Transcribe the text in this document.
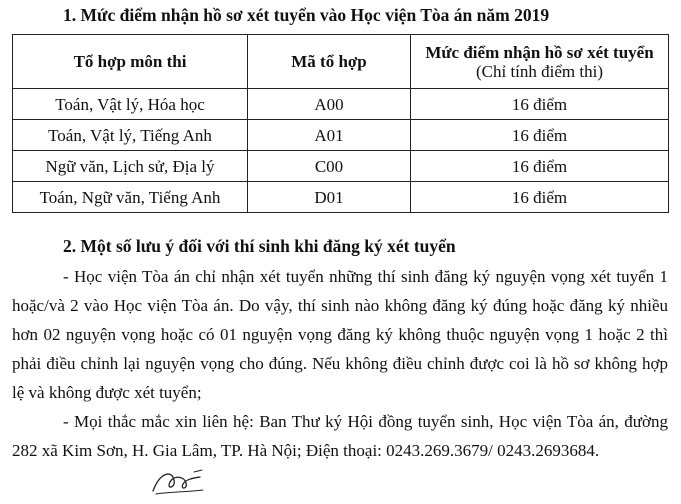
1. Mức điểm nhận hồ sơ xét tuyển vào Học viện Tòa án năm 2019
Tổ hợp môn thi	Mã tổ hợp	Mức điểm nhận hồ sơ xét tuyển
(Chỉ tính điểm thi)

Toán, Vật lý, Hóa học	A00	16 điểm
Toán, Vật lý, Tiếng Anh	A01	16 điểm
Ngữ văn, Lịch sử, Địa lý	C00	16 điểm
Toán, Ngữ văn, Tiếng Anh	D01	16 điểm
2. Một số lưu ý đối với thí sinh khi đăng ký xét tuyển

- Học viện Tòa án chỉ nhận xét tuyển những thí sinh đăng ký nguyện vọng xét tuyển 1 hoặc/và 2 vào Học viện Tòa án. Do vậy, thí sinh nào không đăng ký đúng hoặc đăng ký nhiều hơn 02 nguyện vọng hoặc có 01 nguyện vọng đăng ký không thuộc nguyện vọng 1 hoặc 2 thì phải điều chỉnh lại nguyện vọng cho đúng. Nếu không điều chỉnh được coi là hồ sơ không hợp lệ và không được xét tuyển;

- Mọi thắc mắc xin liên hệ: Ban Thư ký Hội đồng tuyển sinh, Học viện Tòa án, đường 282 xã Kim Sơn, H. Gia Lâm, TP. Hà Nội; Điện thoại: 0243.269.3679/ 0243.2693684.
